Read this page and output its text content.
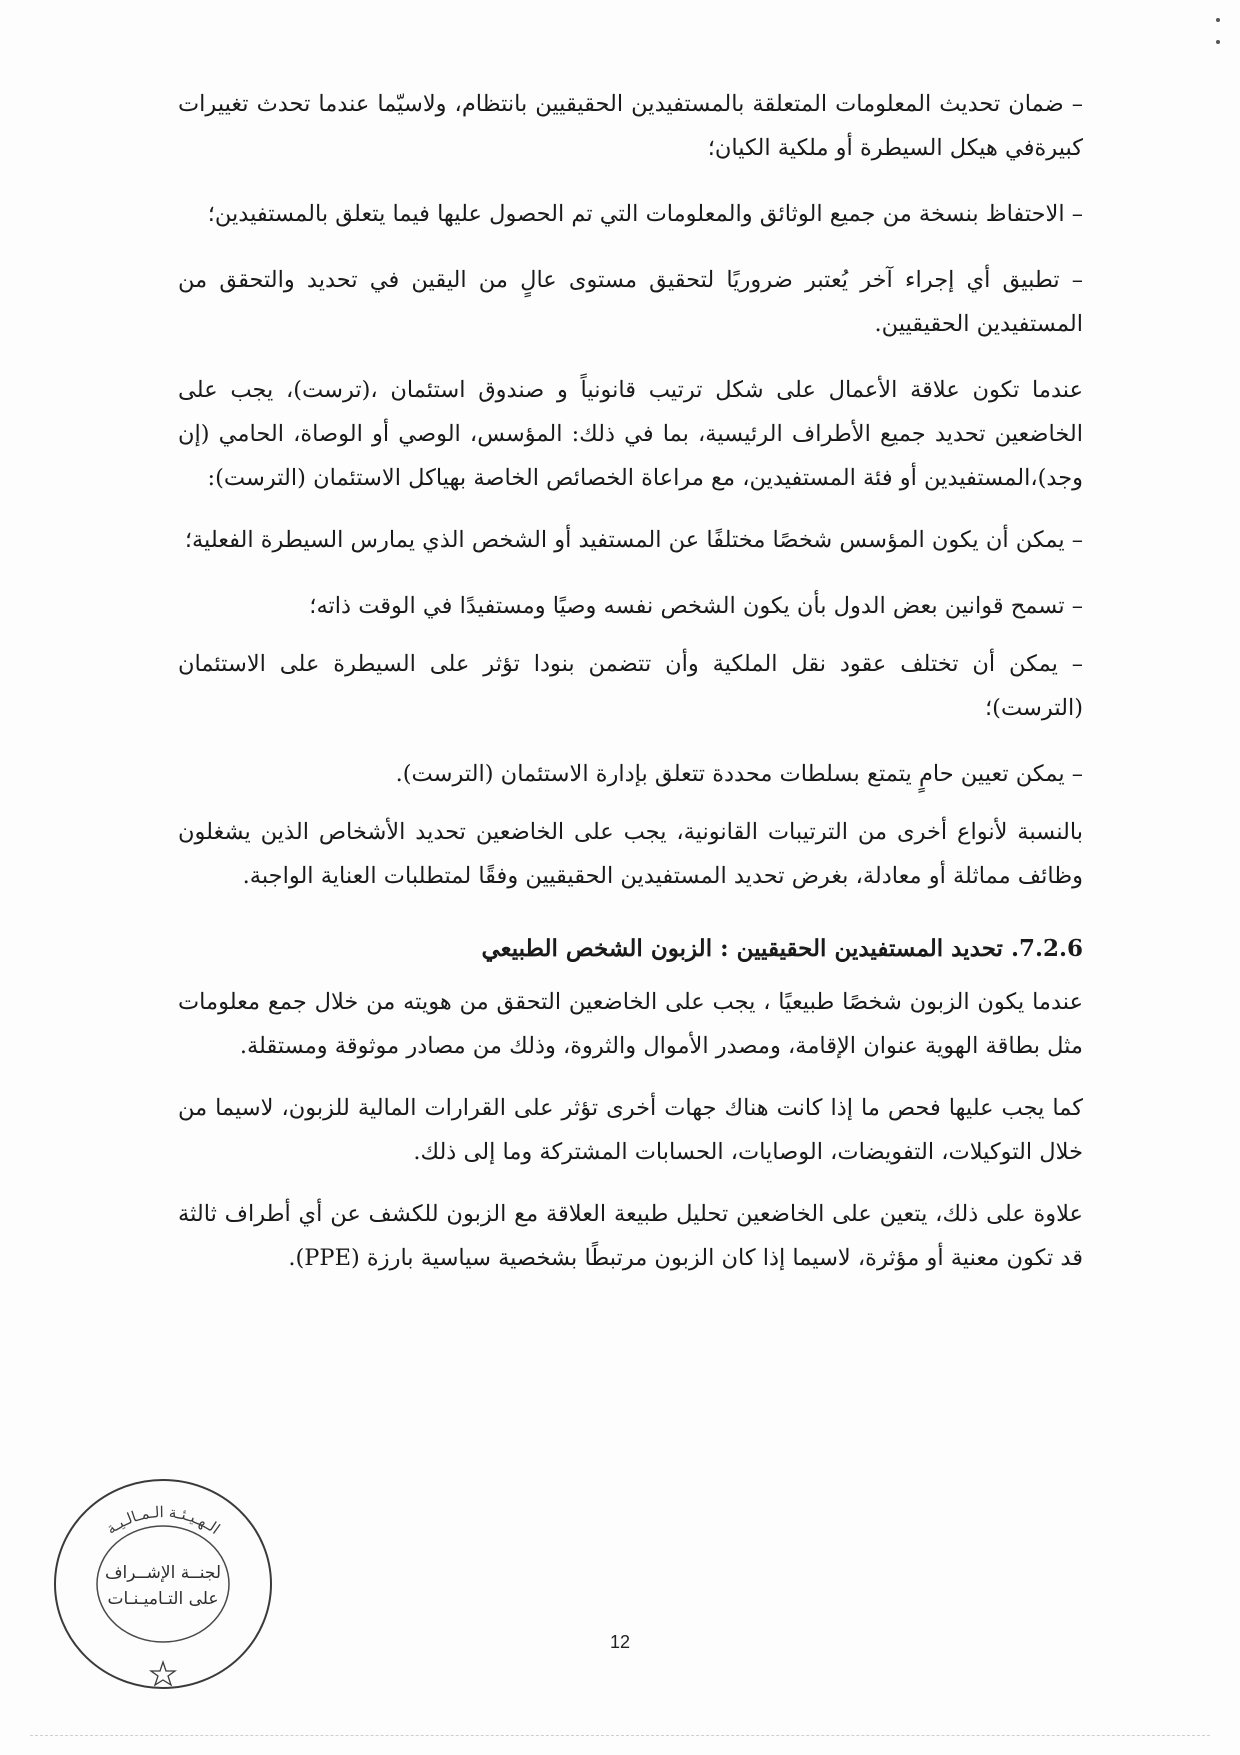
– ضمان تحديث المعلومات المتعلقة بالمستفيدين الحقيقيين بانتظام، ولاسيّما عندما تحدث تغييرات كبيرةفي هيكل السيطرة أو ملكية الكيان؛

– الاحتفاظ بنسخة من جميع الوثائق والمعلومات التي تم الحصول عليها فيما يتعلق بالمستفيدين؛

– تطبيق أي إجراء آخر يُعتبر ضروريًا لتحقيق مستوى عالٍ من اليقين في تحديد والتحقق من المستفيدين الحقيقيين.

عندما تكون علاقة الأعمال على شكل ترتيب قانونياً و صندوق استئمان ،(ترست)، يجب على الخاضعين تحديد جميع الأطراف الرئيسية، بما في ذلك: المؤسس، الوصي أو الوصاة، الحامي (إن وجد)،المستفيدين أو فئة المستفيدين، مع مراعاة الخصائص الخاصة بهياكل الاستئمان (الترست):

– يمكن أن يكون المؤسس شخصًا مختلفًا عن المستفيد أو الشخص الذي يمارس السيطرة الفعلية؛

– تسمح قوانين بعض الدول بأن يكون الشخص نفسه وصيًا ومستفيدًا في الوقت ذاته؛

– يمكن أن تختلف عقود نقل الملكية وأن تتضمن بنودا تؤثر على السيطرة على الاستئمان (الترست)؛

– يمكن تعيين حامٍ يتمتع بسلطات محددة تتعلق بإدارة الاستئمان (الترست).

بالنسبة لأنواع أخرى من الترتيبات القانونية، يجب على الخاضعين تحديد الأشخاص الذين يشغلون وظائف مماثلة أو معادلة، بغرض تحديد المستفيدين الحقيقيين وفقًا لمتطلبات العناية الواجبة.

7.2.6. تحديد المستفيدين الحقيقيين : الزبون الشخص الطبيعي

عندما يكون الزبون شخصًا طبيعيًا ، يجب على الخاضعين التحقق من هويته من خلال جمع معلومات مثل بطاقة الهوية عنوان الإقامة، ومصدر الأموال والثروة، وذلك من مصادر موثوقة ومستقلة.

كما يجب عليها فحص ما إذا كانت هناك جهات أخرى تؤثر على القرارات المالية للزبون، لاسيما من خلال التوكيلات، التفويضات، الوصايات، الحسابات المشتركة وما إلى ذلك.

علاوة على ذلك، يتعين على الخاضعين تحليل طبيعة العلاقة مع الزبون للكشف عن أي أطراف ثالثة قد تكون معنية أو مؤثرة، لاسيما إذا كان الزبون مرتبطًا بشخصية سياسية بارزة (PPE).

الـهـيـئـة الـمـالـيـة
لجنــة الإشــراف
على التـاميـنـات
12
